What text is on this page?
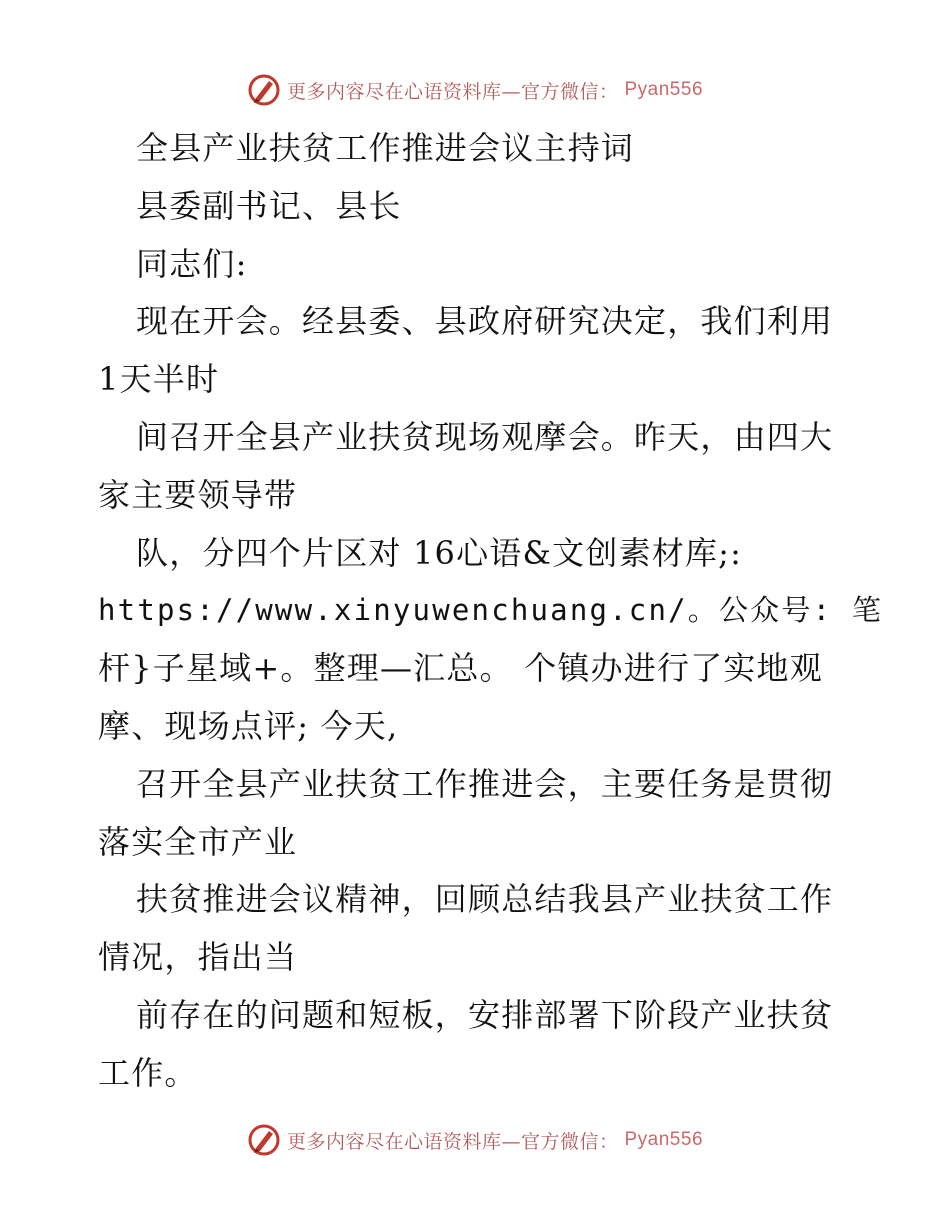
更多内容尽在心语资料库—官方微信： Pyan556
全县产业扶贫工作推进会议主持词
县委副书记、县长
同志们:
现在开会。经县委、县政府研究决定，我们利用
1天半时
间召开全县产业扶贫现场观摩会。昨天，由四大
家主要领导带
队，分四个片区对 16心语&文创素材库;:
https://www.xinyuwenchuang.cn/。公众号: 笔
杆}子星域+。整理—汇总。 个镇办进行了实地观
摩、现场点评; 今天,
召开全县产业扶贫工作推进会，主要任务是贯彻
落实全市产业
扶贫推进会议精神，回顾总结我县产业扶贫工作
情况，指出当
前存在的问题和短板，安排部署下阶段产业扶贫
工作。
更多内容尽在心语资料库—官方微信： Pyan556
